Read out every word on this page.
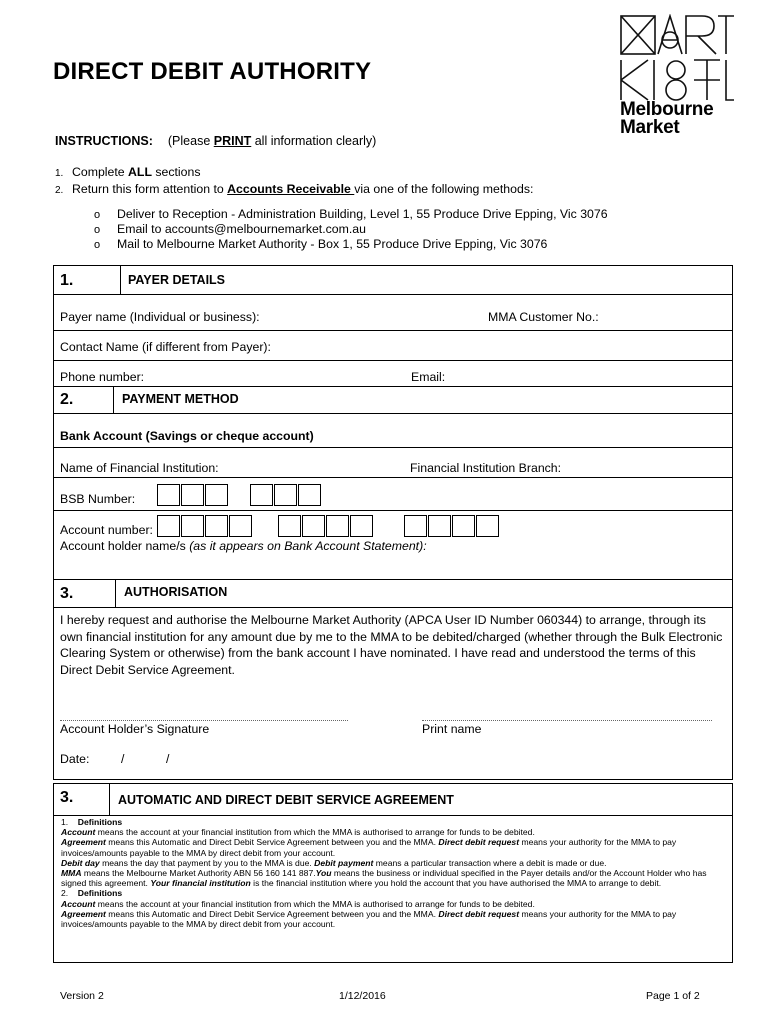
DIRECT DEBIT AUTHORITY
Melbourne
Market
INSTRUCTIONS: (Please PRINT all information clearly)
1. Complete ALL sections
2. Return this form attention to Accounts Receivable via one of the following methods:
o Deliver to Reception - Administration Building, Level 1, 55 Produce Drive Epping, Vic 3076
o Email to accounts@melbournemarket.com.au
o Mail to Melbourne Market Authority - Box 1, 55 Produce Drive Epping, Vic 3076
1.	PAYER DETAILS
Payer name (Individual or business):	MMA Customer No.:
Contact Name (if different from Payer):
Phone number:	Email:
2.	PAYMENT METHOD
Bank Account (Savings or cheque account)
Name of Financial Institution:	Financial Institution Branch:
BSB Number:
Account number:
Account holder name/s (as it appears on Bank Account Statement):
3.	AUTHORISATION
I hereby request and authorise the Melbourne Market Authority (APCA User ID Number 060344) to arrange, through its own financial institution for any amount due by me to the MMA to be debited/charged (whether through the Bulk Electronic Clearing System or otherwise) from the bank account I have nominated. I have read and understood the terms of this Direct Debit Service Agreement.
Account Holder’s Signature	Print name
Date:	/	/
3.	AUTOMATIC AND DIRECT DEBIT SERVICE AGREEMENT
1. Definitions
Account means the account at your financial institution from which the MMA is authorised to arrange for funds to be debited.
Agreement means this Automatic and Direct Debit Service Agreement between you and the MMA. Direct debit request means your authority for the MMA to pay invoices/amounts payable to the MMA by direct debit from your account.
Debit day means the day that payment by you to the MMA is due. Debit payment means a particular transaction where a debit is made or due.
MMA means the Melbourne Market Authority ABN 56 160 141 887.You means the business or individual specified in the Payer details and/or the Account Holder who has signed this agreement. Your financial institution is the financial institution where you hold the account that you have authorised the MMA to arrange to debit.
2. Definitions
Account means the account at your financial institution from which the MMA is authorised to arrange for funds to be debited.
Agreement means this Automatic and Direct Debit Service Agreement between you and the MMA. Direct debit request means your authority for the MMA to pay invoices/amounts payable to the MMA by direct debit from your account.
Version 2	1/12/2016	Page 1 of 2
